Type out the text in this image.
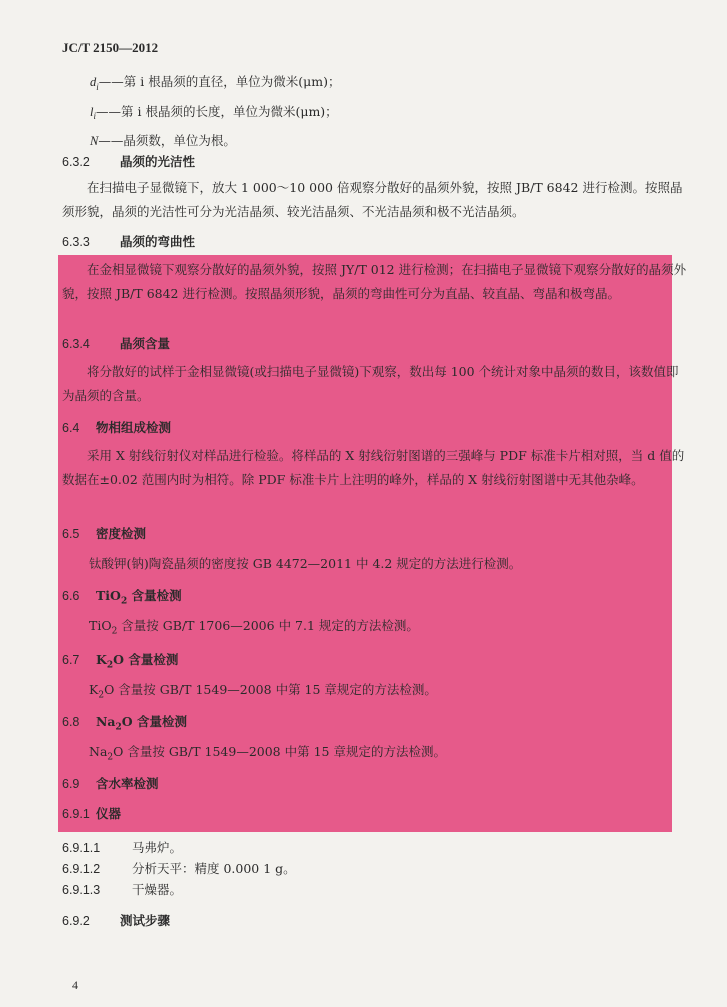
JC/T 2150—2012
$d_i——$第 i 根晶须的直径，单位为微米(μm)；
$l_i——$第 i 根晶须的长度，单位为微米(μm)；
N——晶须数，单位为根。
6.3.2 晶须的光洁性
在扫描电子显微镜下，放大 1 000～10 000 倍观察分散好的晶须外貌，按照 JB/T 6842 进行检测。按照晶须形貌，晶须的光洁性可分为光洁晶须、较光洁晶须、不光洁晶须和极不光洁晶须。
6.3.3 晶须的弯曲性
在金相显微镜下观察分散好的晶须外貌，按照 JY/T 012 进行检测；在扫描电子显微镜下观察分散好的晶须外貌，按照 JB/T 6842 进行检测。按照晶须形貌，晶须的弯曲性可分为直晶、较直晶、弯晶和极弯晶。
6.3.4 晶须含量
将分散好的试样于金相显微镜(或扫描电子显微镜)下观察，数出每 100 个统计对象中晶须的数目，该数值即为晶须的含量。
6.4 物相组成检测
采用 X 射线衍射仪对样品进行检验。将样品的 X 射线衍射图谱的三强峰与 PDF 标准卡片相对照，当 d 值的数据在±0.02 范围内时为相符。除 PDF 标准卡片上注明的峰外，样品的 X 射线衍射图谱中无其他杂峰。
6.5 密度检测
钛酸钾(钠)陶瓷晶须的密度按 GB 4472—2011 中 4.2 规定的方法进行检测。
6.6 TiO$_2$ 含量检测
TiO$_2$ 含量按 GB/T 1706—2006 中 7.1 规定的方法检测。
6.7 $K_2O$ 含量检测
$K_2O$ 含量按 GB/T 1549—2008 中第 15 章规定的方法检测。
6.8 $Na_2O$ 含量检测
$Na_2O$ 含量按 GB/T 1549—2008 中第 15 章规定的方法检测。
6.9 含水率检测
6.9.1 仪器
6.9.1.1	马弗炉。
6.9.1.2	分析天平：精度 0.000 1 g。
6.9.1.3	干燥器。
6.9.2 测试步骤
4
